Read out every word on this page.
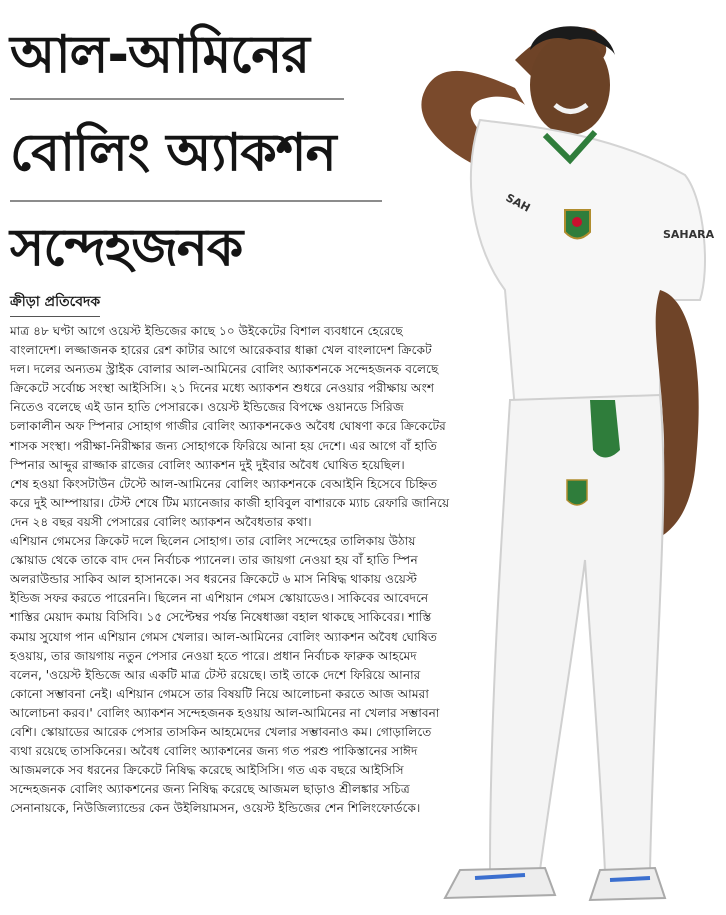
আল-আমিনের
বোলিং অ্যাকশন
সন্দেহজনক
ক্রীড়া প্রতিবেদক

মাত্র ৪৮ ঘণ্টা আগে ওয়েস্ট ইন্ডিজের কাছে ১০ উইকেটের বিশাল ব্যবধানে হেরেছে বাংলাদেশ। লজ্জাজনক হারের রেশ কাটার আগে আরেকবার ধাক্কা খেল বাংলাদেশ ক্রিকেট দল। দলের অন্যতম স্ট্রাইক বোলার আল-আমিনের বোলিং অ্যাকশনকে সন্দেহজনক বলেছে ক্রিকেটে সর্বোচ্চ সংস্থা আইসিসি। ২১ দিনের মধ্যে অ্যাকশন শুধরে নেওয়ার পরীক্ষায় অংশ নিতেও বলেছে এই ডান হাতি পেসারকে। ওয়েস্ট ইন্ডিজের বিপক্ষে ওয়ানডে সিরিজ চলাকালীন অফ স্পিনার সোহাগ গাজীর বোলিং অ্যাকশনকেও অবৈধ ঘোষণা করে ক্রিকেটের শাসক সংস্থা। পরীক্ষা-নিরীক্ষার জন্য সোহাগকে ফিরিয়ে আনা হয় দেশে। এর আগে বাঁ হাতি স্পিনার আব্দুর রাজ্জাক রাজের বোলিং অ্যাকশন দুই দুইবার অবৈধ ঘোষিত হয়েছিল।

শেষ হওয়া কিংসটাউন টেস্টে আল-আমিনের বোলিং অ্যাকশনকে বেআইনি হিসেবে চিহ্নিত করে দুই আম্পায়ার। টেস্ট শেষে টিম ম্যানেজার কাজী হাবিবুল বাশারকে ম্যাচ রেফারি জানিয়ে দেন ২৪ বছর বয়সী পেসারের বোলিং অ্যাকশন অবৈধতার কথা।

এশিয়ান গেমসের ক্রিকেট দলে ছিলেন সোহাগ। তার বোলিং সন্দেহের তালিকায় উঠায় স্কোয়াড থেকে তাকে বাদ দেন নির্বাচক প্যানেল। তার জায়গা নেওয়া হয় বাঁ হাতি স্পিন অলরাউন্ডার সাকিব আল হাসানকে। সব ধরনের ক্রিকেটে ৬ মাস নিষিদ্ধ থাকায় ওয়েস্ট ইন্ডিজ সফর করতে পারেননি। ছিলেন না এশিয়ান গেমস স্কোয়াডেও। সাকিবের আবেদনে শাস্তির মেয়াদ কমায় বিসিবি। ১৫ সেপ্টেম্বর পর্যন্ত নিষেধাজ্ঞা বহাল থাকছে সাকিবের। শাস্তি কমায় সুযোগ পান এশিয়ান গেমস খেলার। আল-আমিনের বোলিং অ্যাকশন অবৈধ ঘোষিত হওয়ায়, তার জায়গায় নতুন পেসার নেওয়া হতে পারে। প্রধান নির্বাচক ফারুক আহমেদ বলেন, 'ওয়েস্ট ইন্ডিজে আর একটি মাত্র টেস্ট রয়েছে। তাই তাকে দেশে ফিরিয়ে আনার কোনো সম্ভাবনা নেই। এশিয়ান গেমসে তার বিষয়টি নিয়ে আলোচনা করতে আজ আমরা আলোচনা করব।' বোলিং অ্যাকশন সন্দেহজনক হওয়ায় আল-আমিনের না খেলার সম্ভাবনা বেশি। স্কোয়াডের আরেক পেসার তাসকিন আহমেদের খেলার সম্ভাবনাও কম। গোড়ালিতে ব্যথা রয়েছে তাসকিনের। অবৈধ বোলিং অ্যাকশনের জন্য গত পরশু পাকিস্তানের সাঈদ আজমলকে সব ধরনের ক্রিকেটে নিষিদ্ধ করেছে আইসিসি। গত এক বছরে আইসিসি সন্দেহজনক বোলিং অ্যাকশনের জন্য নিষিদ্ধ করেছে আজমল ছাড়াও শ্রীলঙ্কার সচিত্র সেনানায়কে, নিউজিল্যান্ডের কেন উইলিয়ামসন, ওয়েস্ট ইন্ডিজের শেন শিলিংফোর্ডকে।

SAH
SAHARA
